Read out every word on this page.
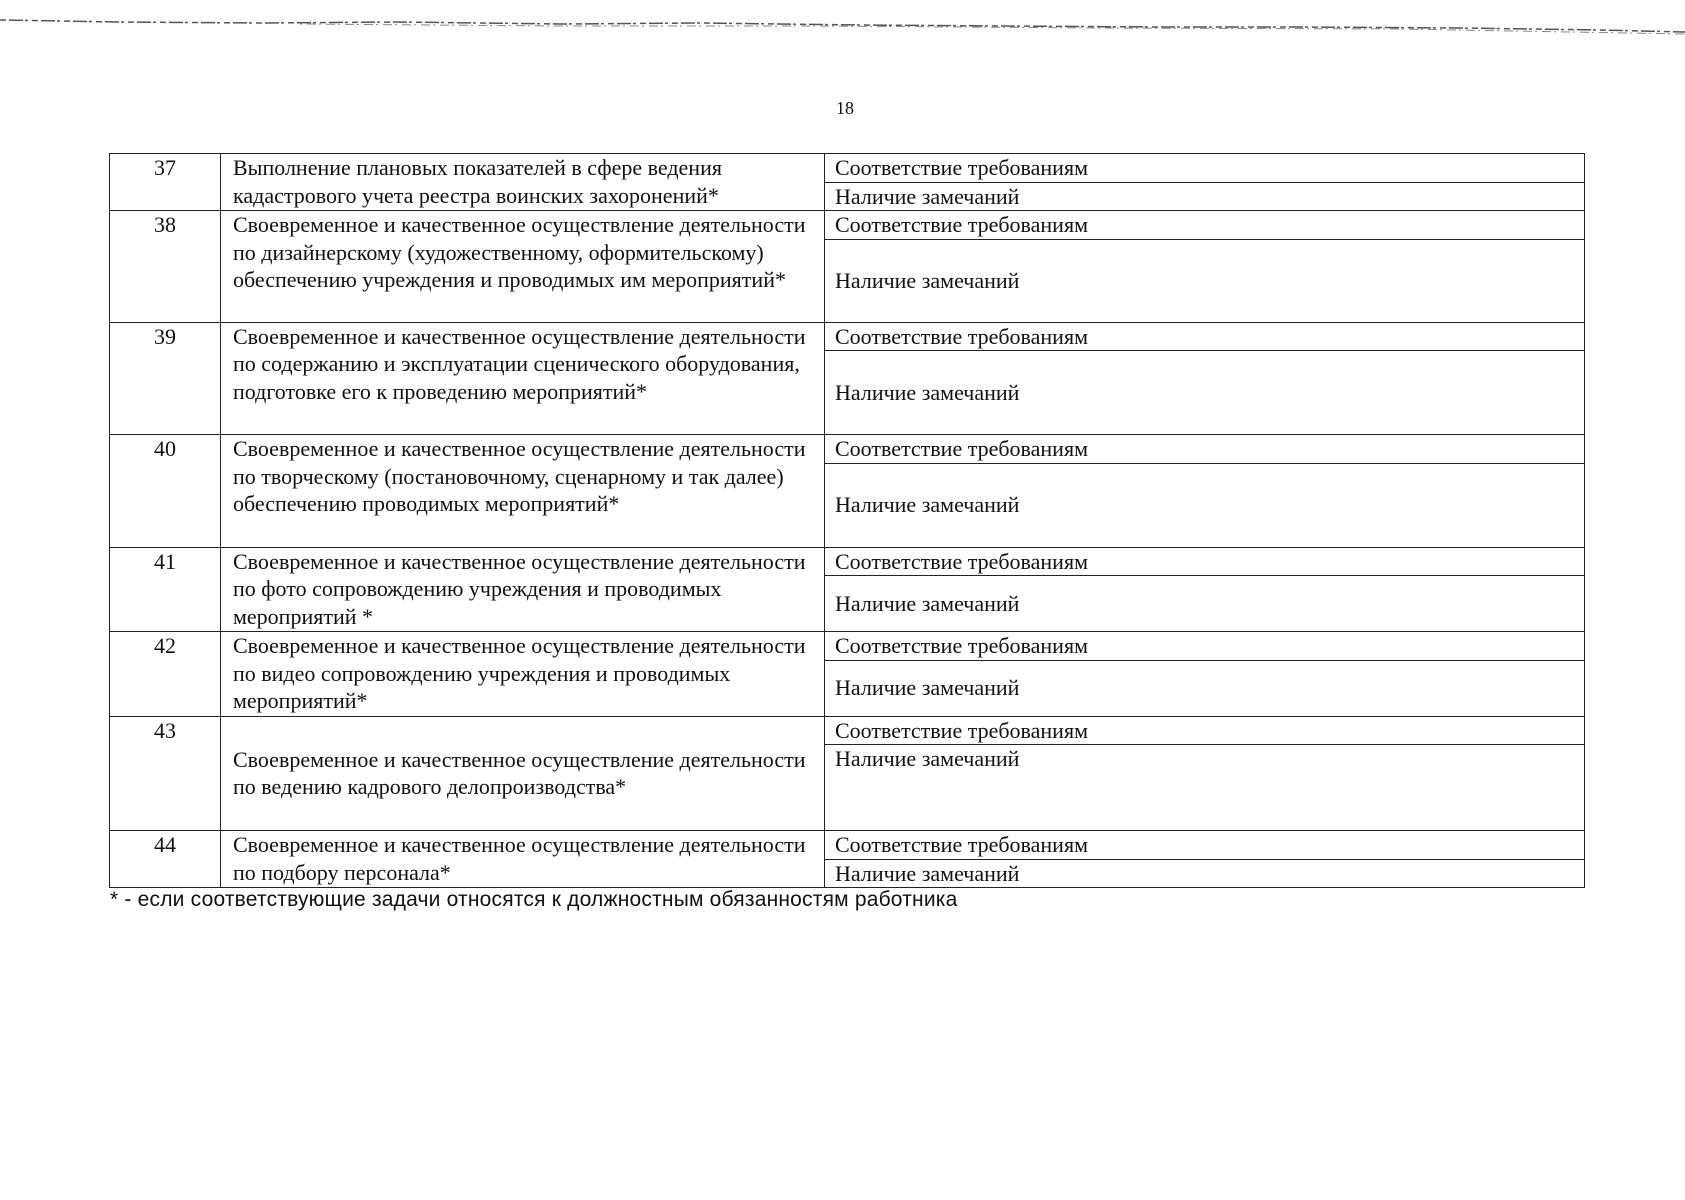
18
37	Выполнение плановых показателей в сфере ведения кадастрового учета реестра воинских захоронений*	Соответствие требованиям
		Наличие замечаний
38	Своевременное и качественное осуществление деятельности по дизайнерскому (художественному, оформительскому) обеспечению учреждения и проводимых им мероприятий*	Соответствие требованиям
		Наличие замечаний
39	Своевременное и качественное осуществление деятельности по содержанию и эксплуатации сценического оборудования, подготовке его к проведению мероприятий*	Соответствие требованиям
		Наличие замечаний
40	Своевременное и качественное осуществление деятельности по творческому (постановочному, сценарному и так далее) обеспечению проводимых мероприятий*	Соответствие требованиям
		Наличие замечаний
41	Своевременное и качественное осуществление деятельности по фото сопровождению учреждения и проводимых мероприятий *	Соответствие требованиям
		Наличие замечаний
42	Своевременное и качественное осуществление деятельности по видео сопровождению учреждения и проводимых мероприятий*	Соответствие требованиям
		Наличие замечаний
43	Своевременное и качественное осуществление деятельности по ведению кадрового делопроизводства*	Соответствие требованиям
		Наличие замечаний
44	Своевременное и качественное осуществление деятельности по подбору персонала*	Соответствие требованиям
		Наличие замечаний
* - если соответствующие задачи относятся к должностным обязанностям работника
